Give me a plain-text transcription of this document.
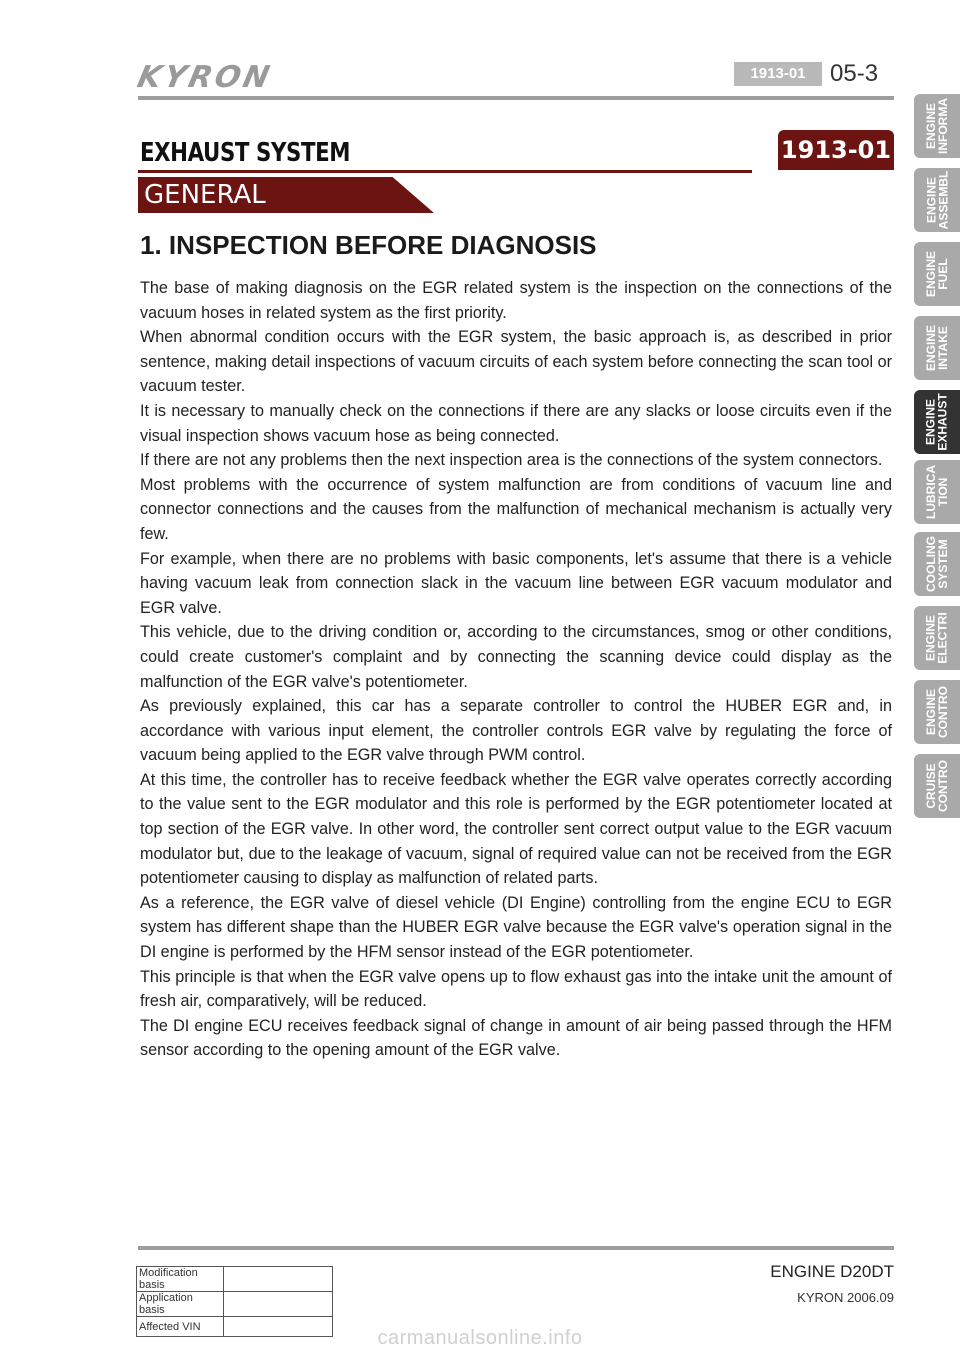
KYRON	1913-01	05-3
EXHAUST SYSTEM	1913-01
GENERAL
1. INSPECTION BEFORE DIAGNOSIS

The base of making diagnosis on the EGR related system is the inspection on the connections of the vacuum hoses in related system as the first priority.

When abnormal condition occurs with the EGR system, the basic approach is, as described in prior sentence, making detail inspections of vacuum circuits of each system before connecting the scan tool or vacuum tester.

It is necessary to manually check on the connections if there are any slacks or loose circuits even if the visual inspection shows vacuum hose as being connected.

If there are not any problems then the next inspection area is the connections of the system connectors.

Most problems with the occurrence of system malfunction are from conditions of vacuum line and connector connections and the causes from the malfunction of mechanical mechanism is actually very few.

For example, when there are no problems with basic components, let's assume that there is a vehicle having vacuum leak from connection slack in the vacuum line between EGR vacuum modulator and EGR valve.

This vehicle, due to the driving condition or, according to the circumstances, smog or other conditions, could create customer's complaint and by connecting the scanning device could display as the malfunction of the EGR valve's potentiometer.

As previously explained, this car has a separate controller to control the HUBER EGR and, in accordance with various input element, the controller controls EGR valve by regulating the force of vacuum being applied to the EGR valve through PWM control.

At this time, the controller has to receive feedback whether the EGR valve operates correctly according to the value sent to the EGR modulator and this role is performed by the EGR potentiometer located at top section of the EGR valve. In other word, the controller sent correct output value to the EGR vacuum modulator but, due to the leakage of vacuum, signal of required value can not be received from the EGR potentiometer causing to display as malfunction of related parts.

As a reference, the EGR valve of diesel vehicle (DI Engine) controlling from the engine ECU to EGR system has different shape than the HUBER EGR valve because the EGR valve's operation signal in the DI engine is performed by the HFM sensor instead of the EGR potentiometer.

This principle is that when the EGR valve opens up to flow exhaust gas into the intake unit the amount of fresh air, comparatively, will be reduced.

The DI engine ECU receives feedback signal of change in amount of air being passed through the HFM sensor according to the opening amount of the EGR valve.

ENGINE
INFORMA
ENGINE
ASSEMBL
ENGINE
FUEL
ENGINE
INTAKE
ENGINE
EXHAUST
LUBRICA
TION
COOLING
SYSTEM
ENGINE
ELECTRI
ENGINE
CONTRO
CRUISE
CONTRO
Modification basis	
Application basis	
Affected VIN	
ENGINE D20DT
KYRON 2006.09
carmanualsonline.info
